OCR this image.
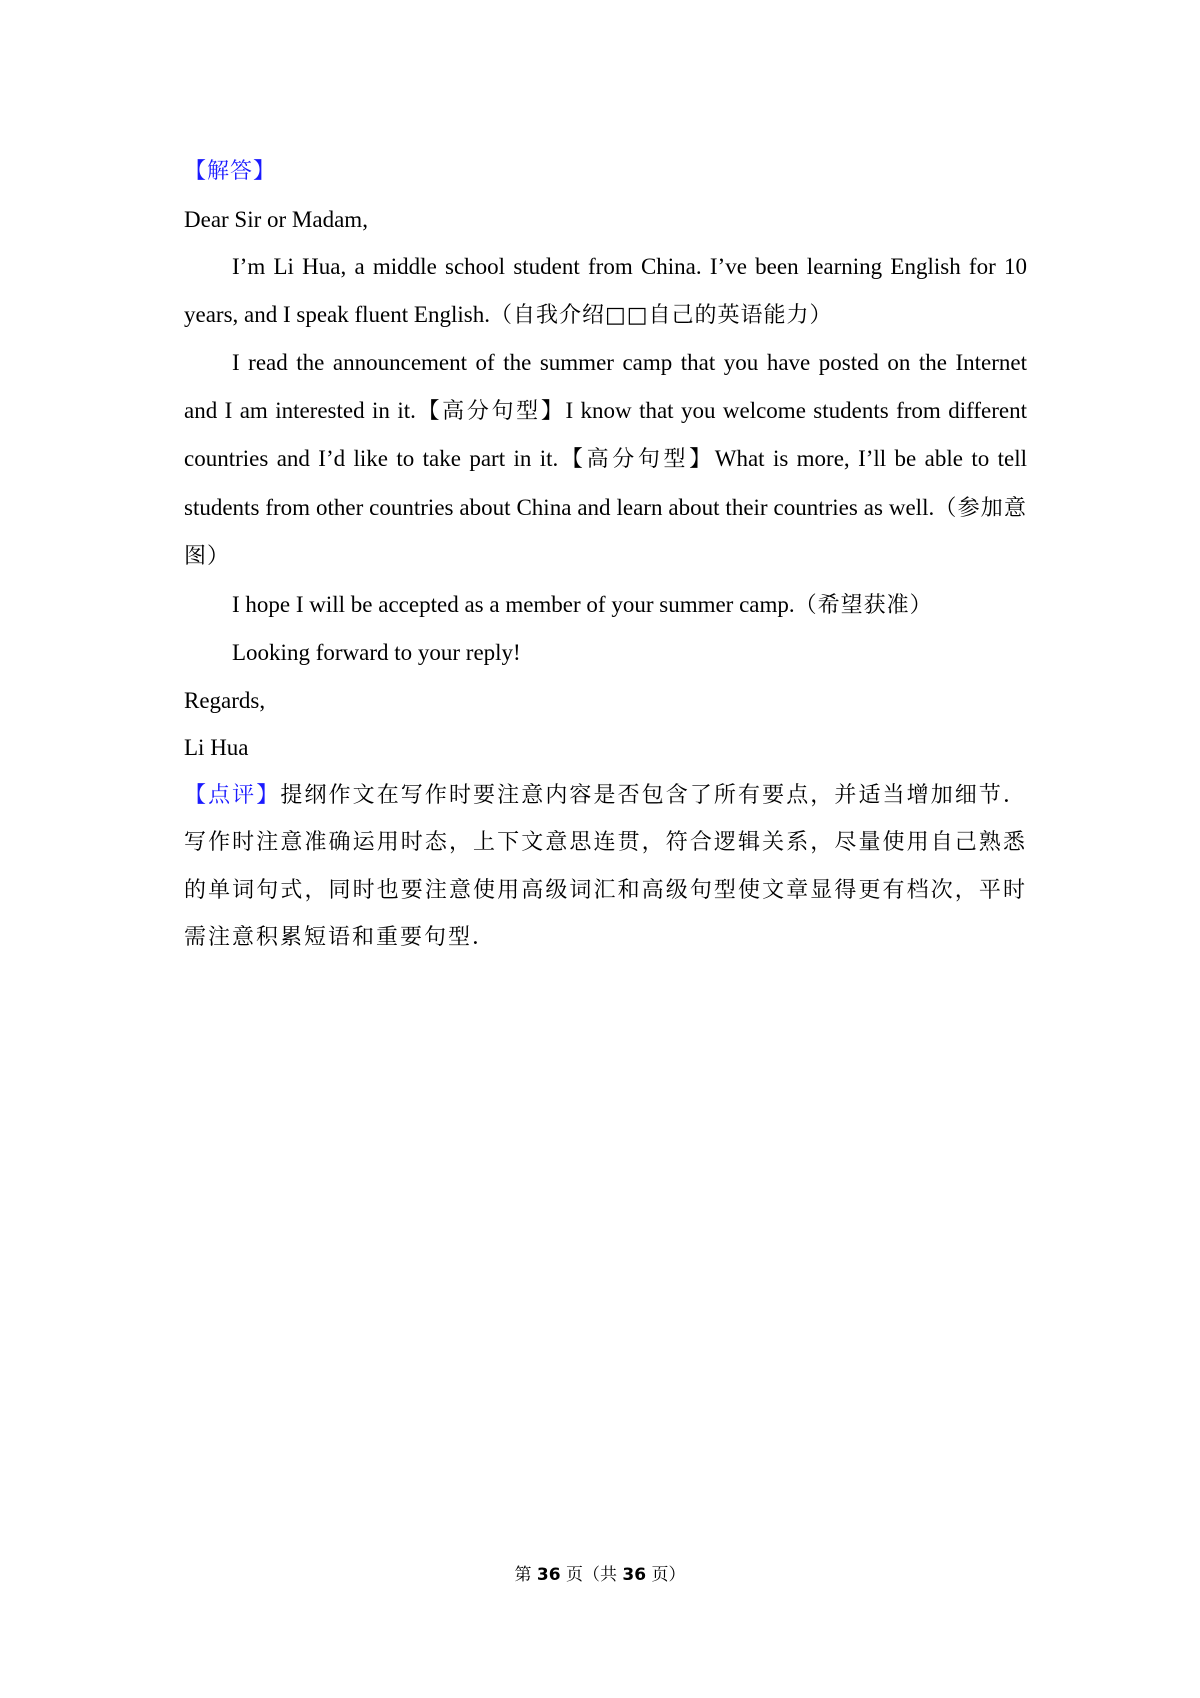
【解答】

Dear Sir or Madam,

I’m Li Hua, a middle school student from China. I’ve been learning English for 10 years, and I speak fluent English.（自我介绍□□自己的英语能力）

I read the announcement of the summer camp that you have posted on the Internet and I am interested in it.【高分句型】I know that you welcome students from different countries and I’d like to take part in it.【高分句型】What is more, I’ll be able to tell students from other countries about China and learn about their countries as well.（参加意图）

I hope I will be accepted as a member of your summer camp.（希望获准）

Looking forward to your reply!

Regards,

Li Hua

【点评】提纲作文在写作时要注意内容是否包含了所有要点，并适当增加细节．写作时注意准确运用时态，上下文意思连贯，符合逻辑关系，尽量使用自己熟悉的单词句式，同时也要注意使用高级词汇和高级句型使文章显得更有档次，平时需注意积累短语和重要句型．

第 36 页（共 36 页）
